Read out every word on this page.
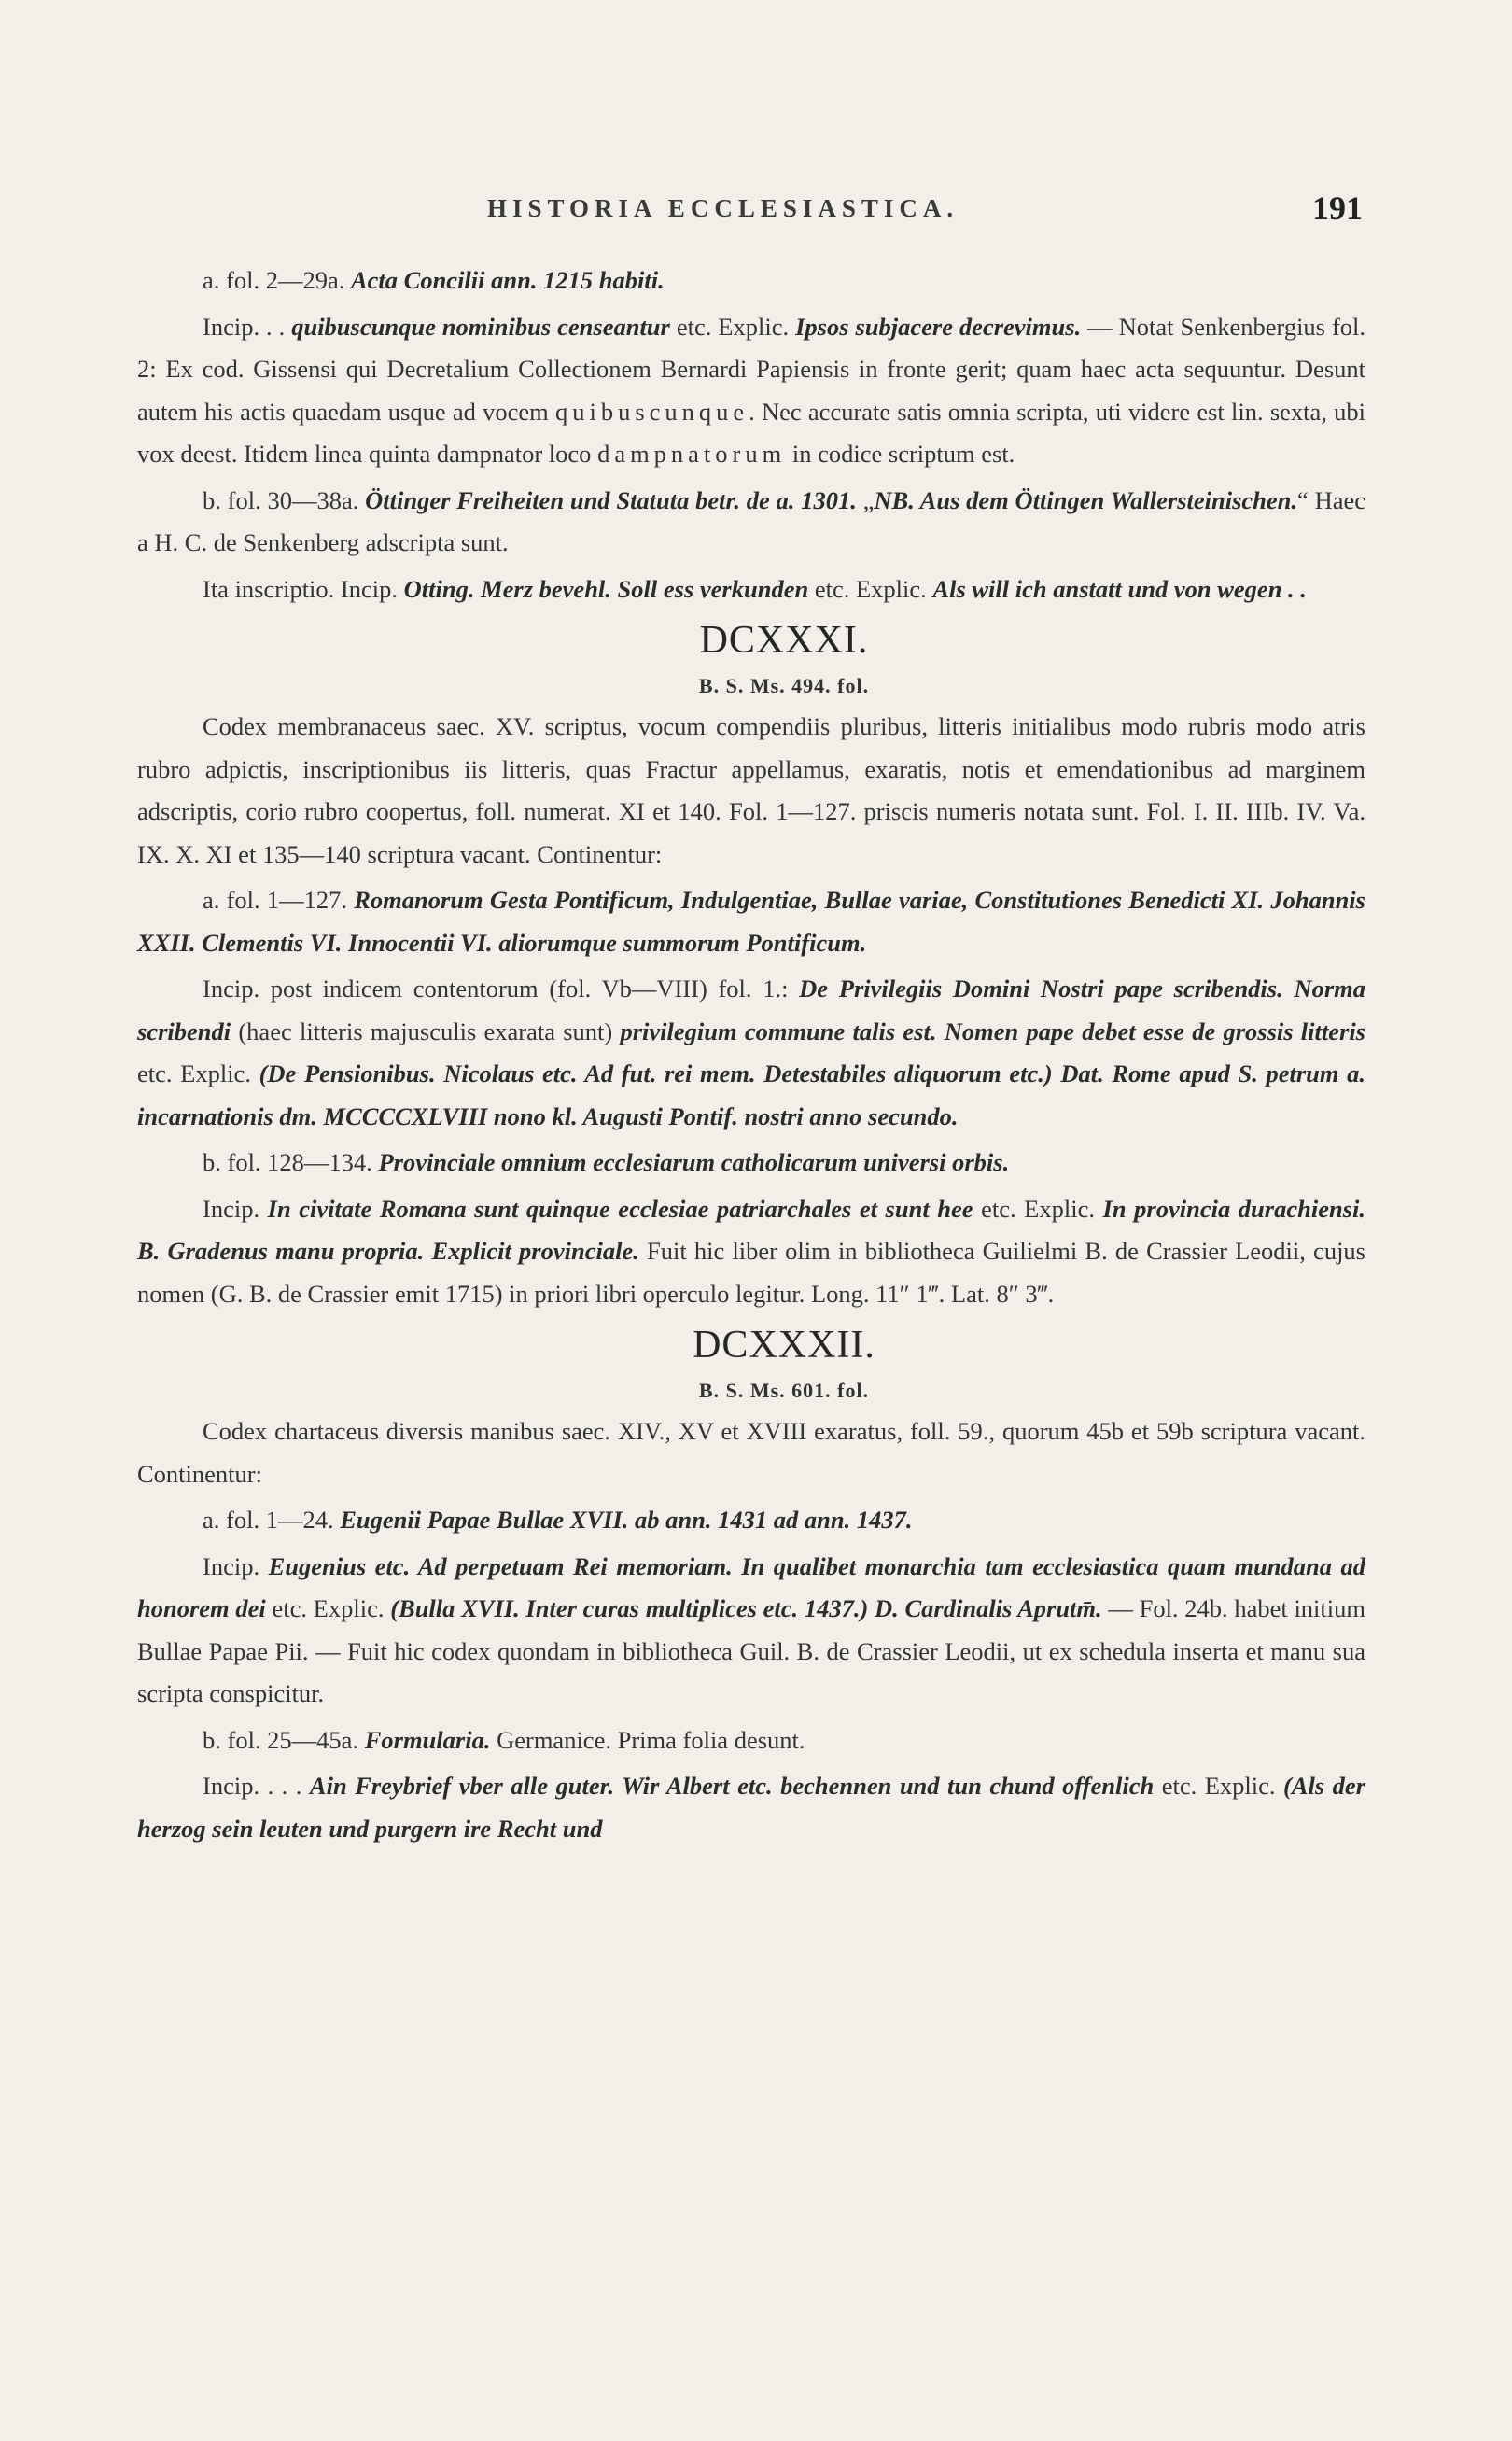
HISTORIA ECCLESIASTICA.	191

a. fol. 2—29a. Acta Concilii ann. 1215 habiti.

Incip. . . quibuscunque nominibus censeantur etc. Explic. Ipsos subjacere decrevimus. — Notat Senkenbergius fol. 2: Ex cod. Gissensi qui Decretalium Collectionem Bernardi Papiensis in fronte gerit; quam haec acta sequuntur. Desunt autem his actis quaedam usque ad vocem quibuscunque. Nec accurate satis omnia scripta, uti videre est lin. sexta, ubi vox deest. Itidem linea quinta dampnator loco dampnatorum in codice scriptum est.

b. fol. 30—38a. Öttinger Freiheiten und Statuta betr. de a. 1301. „NB. Aus dem Öttingen Wallersteinischen.“ Haec a H. C. de Senkenberg adscripta sunt.

Ita inscriptio. Incip. Otting. Merz bevehl. Soll ess verkunden etc. Explic. Als will ich anstatt und von wegen . .

DCXXXI.

B. S. Ms. 494. fol.

Codex membranaceus saec. XV. scriptus, vocum compendiis pluribus, litteris initialibus modo rubris modo atris rubro adpictis, inscriptionibus iis litteris, quas Fractur appellamus, exaratis, notis et emendationibus ad marginem adscriptis, corio rubro coopertus, foll. numerat. XI et 140. Fol. 1—127. priscis numeris notata sunt. Fol. I. II. IIIb. IV. Va. IX. X. XI et 135—140 scriptura vacant. Continentur:

a. fol. 1—127. Romanorum Gesta Pontificum, Indulgentiae, Bullae variae, Constitutiones Benedicti XI. Johannis XXII. Clementis VI. Innocentii VI. aliorumque summorum Pontificum.

Incip. post indicem contentorum (fol. Vb—VIII) fol. 1.: De Privilegiis Domini Nostri pape scribendis. Norma scribendi (haec litteris majusculis exarata sunt) privilegium commune talis est. Nomen pape debet esse de grossis litteris etc. Explic. (De Pensionibus. Nicolaus etc. Ad fut. rei mem. Detestabiles aliquorum etc.) Dat. Rome apud S. petrum a. incarnationis dm. MCCCCXLVIII nono kl. Augusti Pontif. nostri anno secundo.

b. fol. 128—134. Provinciale omnium ecclesiarum catholicarum universi orbis.

Incip. In civitate Romana sunt quinque ecclesiae patriarchales et sunt hee etc. Explic. In provincia durachiensi. B. Gradenus manu propria. Explicit provinciale. Fuit hic liber olim in bibliotheca Guilielmi B. de Crassier Leodii, cujus nomen (G. B. de Crassier emit 1715) in priori libri operculo legitur. Long. 11″ 1‴. Lat. 8″ 3‴.

DCXXXII.

B. S. Ms. 601. fol.

Codex chartaceus diversis manibus saec. XIV., XV et XVIII exaratus, foll. 59., quorum 45b et 59b scriptura vacant. Continentur:

a. fol. 1—24. Eugenii Papae Bullae XVII. ab ann. 1431 ad ann. 1437.

Incip. Eugenius etc. Ad perpetuam Rei memoriam. In qualibet monarchia tam ecclesiastica quam mundana ad honorem dei etc. Explic. (Bulla XVII. Inter curas multiplices etc. 1437.) D. Cardinalis Aprutm̄. — Fol. 24b. habet initium Bullae Papae Pii. — Fuit hic codex quondam in bibliotheca Guil. B. de Crassier Leodii, ut ex schedula inserta et manu sua scripta conspicitur.

b. fol. 25—45a. Formularia. Germanice. Prima folia desunt.

Incip. . . . Ain Freybrief vber alle guter. Wir Albert etc. bechennen und tun chund offenlich etc. Explic. (Als der herzog sein leuten und purgern ire Recht und
